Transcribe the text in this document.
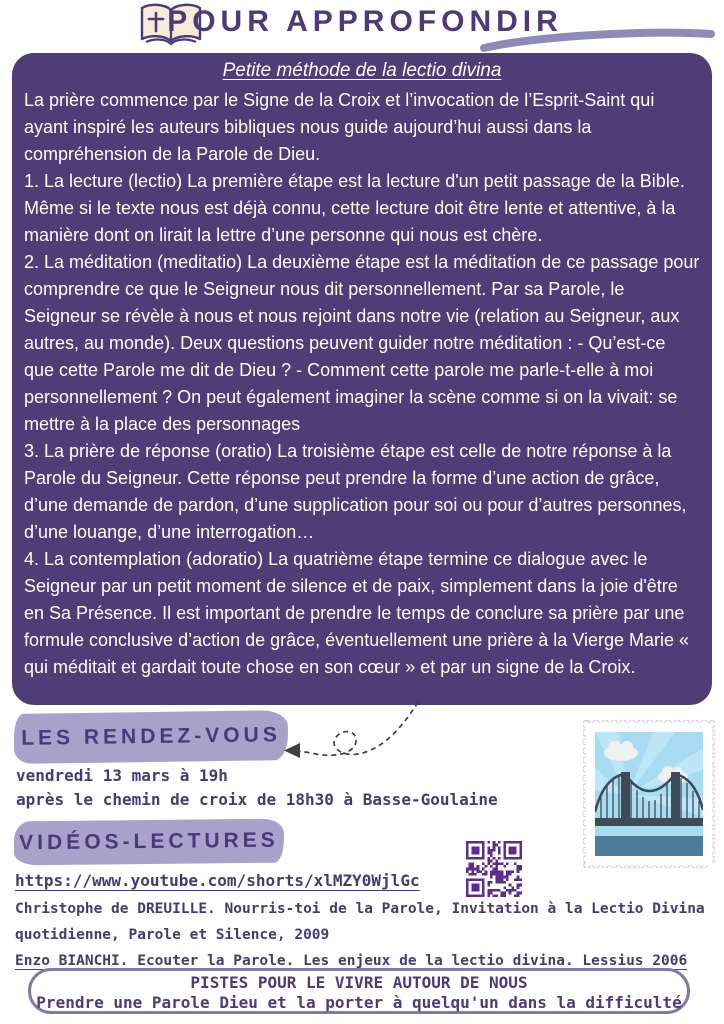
POUR APPROFONDIR
Petite méthode de la lectio divina

La prière commence par le Signe de la Croix et l’invocation de l’Esprit-Saint qui ayant inspiré les auteurs bibliques nous guide aujourd’hui aussi dans la compréhension de la Parole de Dieu.

1. La lecture (lectio) La première étape est la lecture d'un petit passage de la Bible. Même si le texte nous est déjà connu, cette lecture doit être lente et attentive, à la manière dont on lirait la lettre d’une personne qui nous est chère.

2. La méditation (meditatio) La deuxième étape est la méditation de ce passage pour comprendre ce que le Seigneur nous dit personnellement. Par sa Parole, le Seigneur se révèle à nous et nous rejoint dans notre vie (relation au Seigneur, aux autres, au monde). Deux questions peuvent guider notre méditation : - Qu’est-ce que cette Parole me dit de Dieu ? - Comment cette parole me parle-t-elle à moi personnellement ? On peut également imaginer la scène comme si on la vivait: se mettre à la place des personnages

3. La prière de réponse (oratio) La troisième étape est celle de notre réponse à la Parole du Seigneur. Cette réponse peut prendre la forme d’une action de grâce, d’une demande de pardon, d’une supplication pour soi ou pour d’autres personnes, d’une louange, d’une interrogation…

4. La contemplation (adoratio) La quatrième étape termine ce dialogue avec le Seigneur par un petit moment de silence et de paix, simplement dans la joie d'être en Sa Présence. Il est important de prendre le temps de conclure sa prière par une formule conclusive d’action de grâce, éventuellement une prière à la Vierge Marie « qui méditait et gardait toute chose en son cœur » et par un signe de la Croix.

LES RENDEZ-VOUS
vendredi 13 mars à 19h
après le chemin de croix de 18h30 à Basse-Goulaine
VIDÉOS-LECTURES
https://www.youtube.com/shorts/xlMZY0WjlGc
Christophe de DREUILLE. Nourris-toi de la Parole, Invitation à la Lectio Divina quotidienne, Parole et Silence, 2009
Enzo BIANCHI. Ecouter la Parole. Les enjeux de la lectio divina. Lessius 2006
PISTES POUR LE VIVRE AUTOUR DE NOUS
Prendre une Parole Dieu et la porter à quelqu'un dans la difficulté
